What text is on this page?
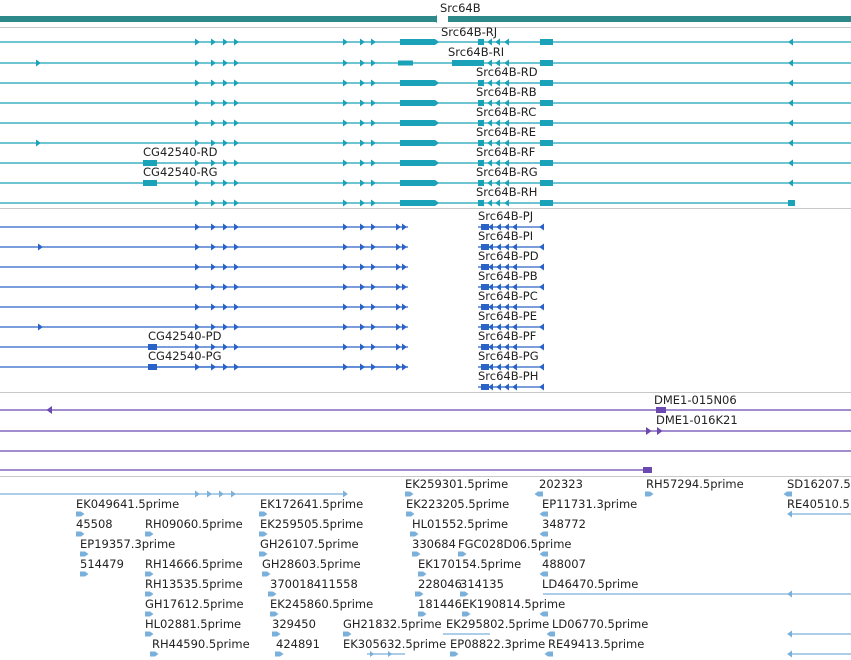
Src64B
Src64B-RJ
Src64B-RI
Src64B-RD
Src64B-RB
Src64B-RC
Src64B-RE
Src64B-RF
Src64B-RG
Src64B-RH
CG42540-RD
CG42540-RG
Src64B-PJ
Src64B-PI
Src64B-PD
Src64B-PB
Src64B-PC
Src64B-PE
Src64B-PF
Src64B-PG
Src64B-PH
CG42540-PD
CG42540-PG
DME1-015N06
DME1-016K21
EK259301.5prime	202323	RH57294.5prime	SD16207.5
EK049641.5prime	EK172641.5prime	EK223205.5prime	EP11731.3prime	RE40510.5
45508	RH09060.5prime EK259505.5prime	HL01552.5prime	348772
EP19357.3prime	GH26107.5prime	330684 FGC028D06.5prime
514479 RH14666.5prime GH28603.5prime	EK170154.5prime 488007
RH13535.5prime 370018411558	228046
314135	LD46470.5prime
GH17612.5prime EK245860.5prime	181446 EK190814.5prime
HL02881.5prime	329450 GH21832.5prime EK295802.5prime LD06770.5prime
RH44590.5prime 424891 EK305632.5prime EP08822.3prime RE49413.5prime
